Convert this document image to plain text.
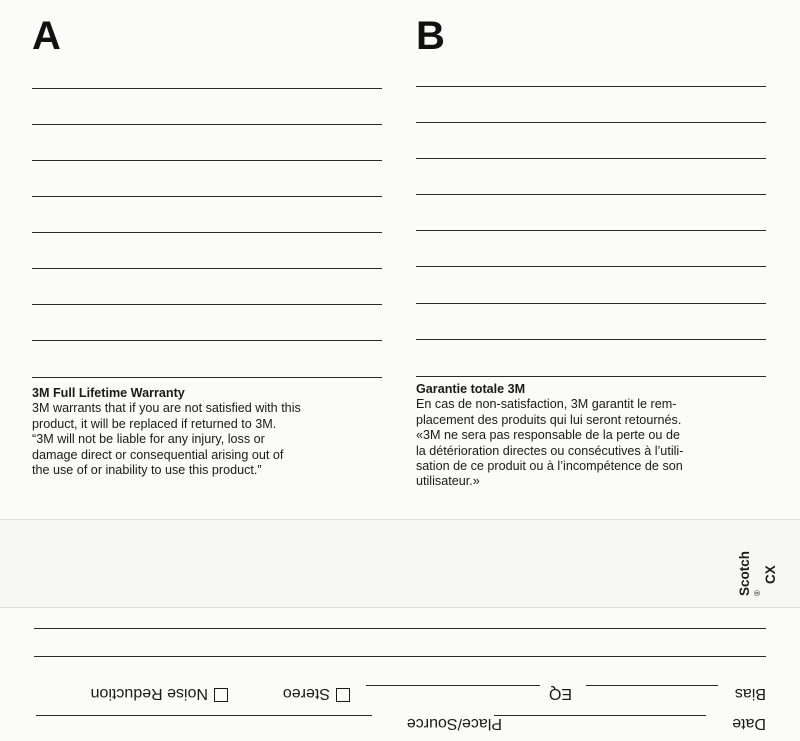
A
3M Full Lifetime Warranty
3M warrants that if you are not satisfied with this
product, it will be replaced if returned to 3M.
“3M will not be liable for any injury, loss or
damage direct or consequential arising out of
the use of or inability to use this product.”
B
Garantie totale 3M
En cas de non-satisfaction, 3M garantit le rem-
placement des produits qui lui seront retournés.
«3M ne sera pas responsable de la perte ou de
la détérioration directes ou consécutives à l’utili-
sation de ce produit ou à l’incompétence de son
utilisateur.»
Scotch ®
CX
Date
Place/Source
Bias
EQ
Stereo
Noise Reduction
